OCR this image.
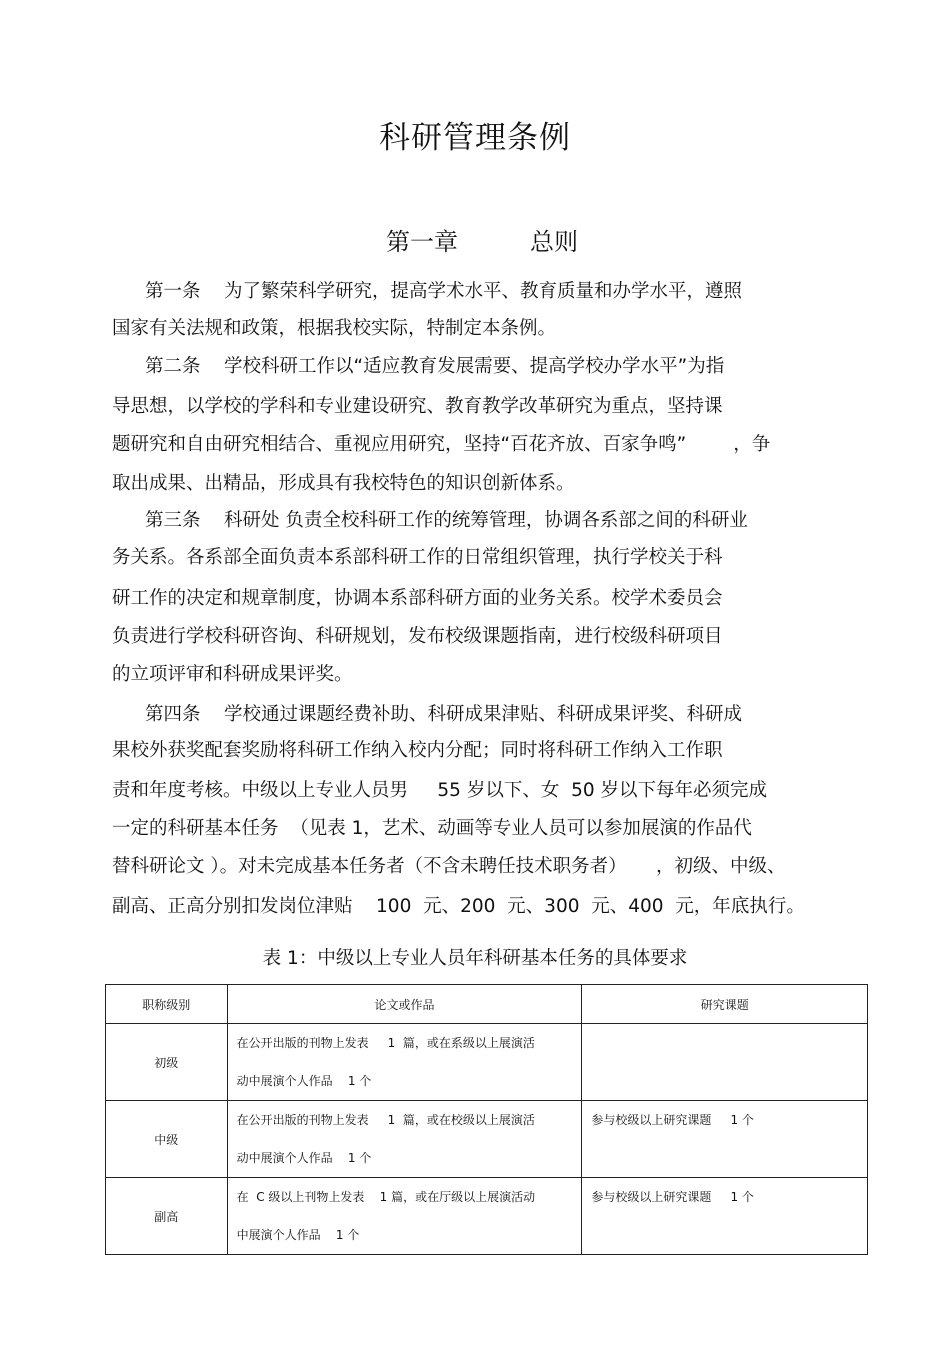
科研管理条例
第一章	总则
第一条    为了繁荣科学研究，提高学术水平、教育质量和办学水平，遵照
国家有关法规和政策，根据我校实际，特制定本条例。
第二条    学校科研工作以“适应教育发展需要、提高学校办学水平”为指
导思想，以学校的学科和专业建设研究、教育教学改革研究为重点，坚持课
题研究和自由研究相结合、重视应用研究，坚持“百花齐放、百家争鸣”        ，争
取出成果、出精品，形成具有我校特色的知识创新体系。
第三条    科研处 负责全校科研工作的统筹管理，协调各系部之间的科研业
务关系。各系部全面负责本系部科研工作的日常组织管理，执行学校关于科
研工作的决定和规章制度，协调本系部科研方面的业务关系。校学术委员会
负责进行学校科研咨询、科研规划，发布校级课题指南，进行校级科研项目
的立项评审和科研成果评奖。
第四条    学校通过课题经费补助、科研成果津贴、科研成果评奖、科研成
果校外获奖配套奖励将科研工作纳入校内分配；同时将科研工作纳入工作职
责和年度考核。中级以上专业人员男     55 岁以下、女  50 岁以下每年必须完成
一定的科研基本任务  （见表 1，艺术、动画等专业人员可以参加展演的作品代
替科研论文 ）。对未完成基本任务者（不含未聘任技术职务者）     ，初级、中级、
副高、正高分别扣发岗位津贴    100  元、200  元、300  元、400  元，年底执行。
表 1：中级以上专业人员年科研基本任务的具体要求
职称级别	论文或作品	研究课题
初级	在公开出版的刊物上发表     1  篇，或在系级以上展演活
动中展演个人作品    1 个	

中级	在公开出版的刊物上发表     1  篇，或在校级以上展演活
动中展演个人作品    1 个	参与校级以上研究课题     1 个

副高	在  C 级以上刊物上发表    1 篇，或在厅级以上展演活动
中展演个人作品    1 个	参与校级以上研究课题     1 个
